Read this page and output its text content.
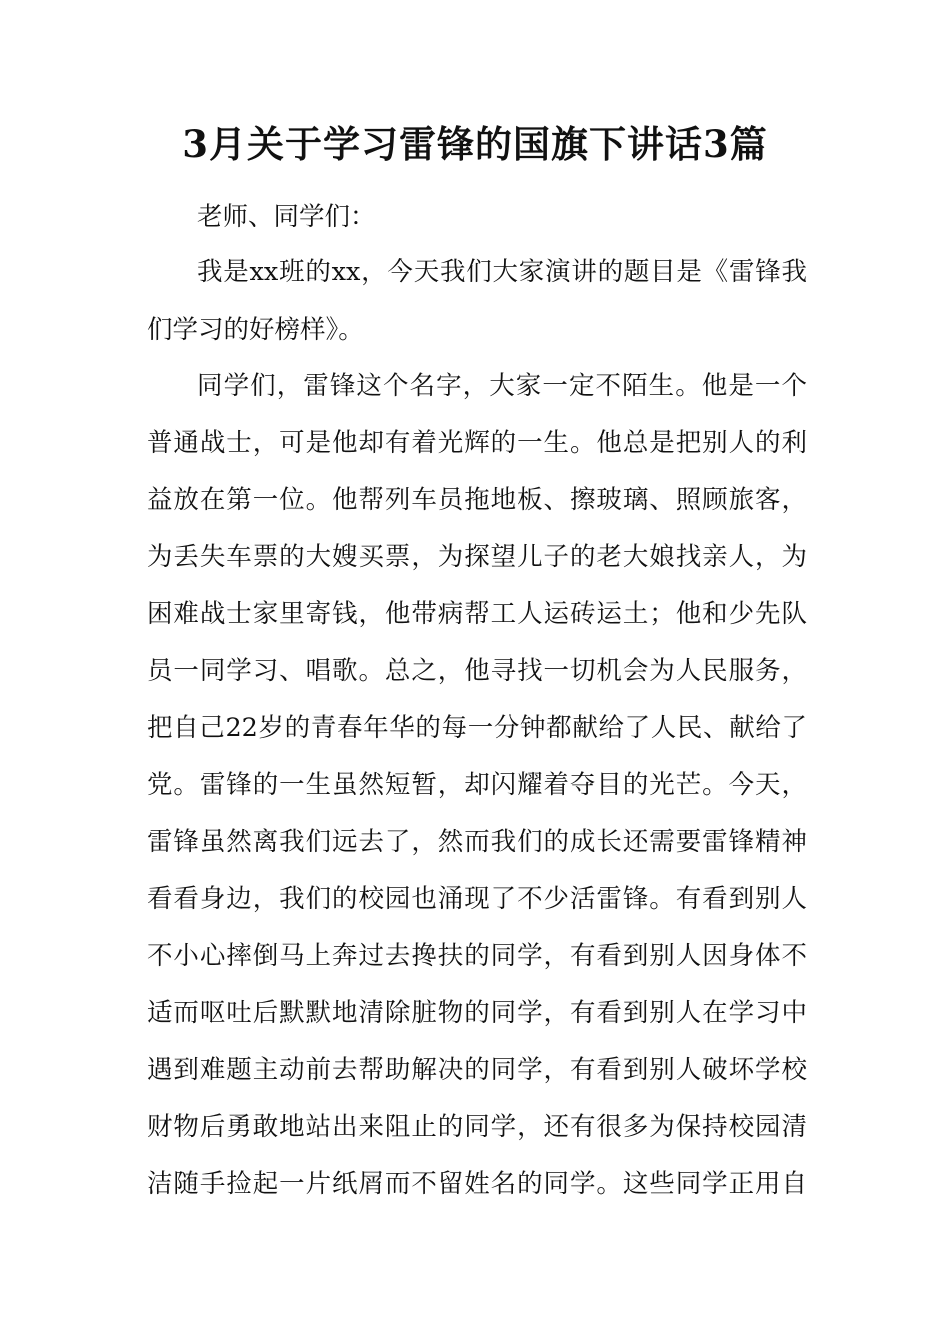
3月关于学习雷锋的国旗下讲话3篇

老师、同学们：

我是xx班的xx，今天我们大家演讲的题目是《雷锋我

们学习的好榜样》。

同学们，雷锋这个名字，大家一定不陌生。他是一个

普通战士，可是他却有着光辉的一生。他总是把别人的利

益放在第一位。他帮列车员拖地板、擦玻璃、照顾旅客，

为丢失车票的大嫂买票，为探望儿子的老大娘找亲人，为

困难战士家里寄钱，他带病帮工人运砖运土；他和少先队

员一同学习、唱歌。总之，他寻找一切机会为人民服务，

把自己22岁的青春年华的每一分钟都献给了人民、献给了

党。雷锋的一生虽然短暂，却闪耀着夺目的光芒。今天，

雷锋虽然离我们远去了，然而我们的成长还需要雷锋精神

看看身边，我们的校园也涌现了不少活雷锋。有看到别人

不小心摔倒马上奔过去搀扶的同学，有看到别人因身体不

适而呕吐后默默地清除脏物的同学，有看到别人在学习中

遇到难题主动前去帮助解决的同学，有看到别人破坏学校

财物后勇敢地站出来阻止的同学，还有很多为保持校园清

洁随手捡起一片纸屑而不留姓名的同学。这些同学正用自
